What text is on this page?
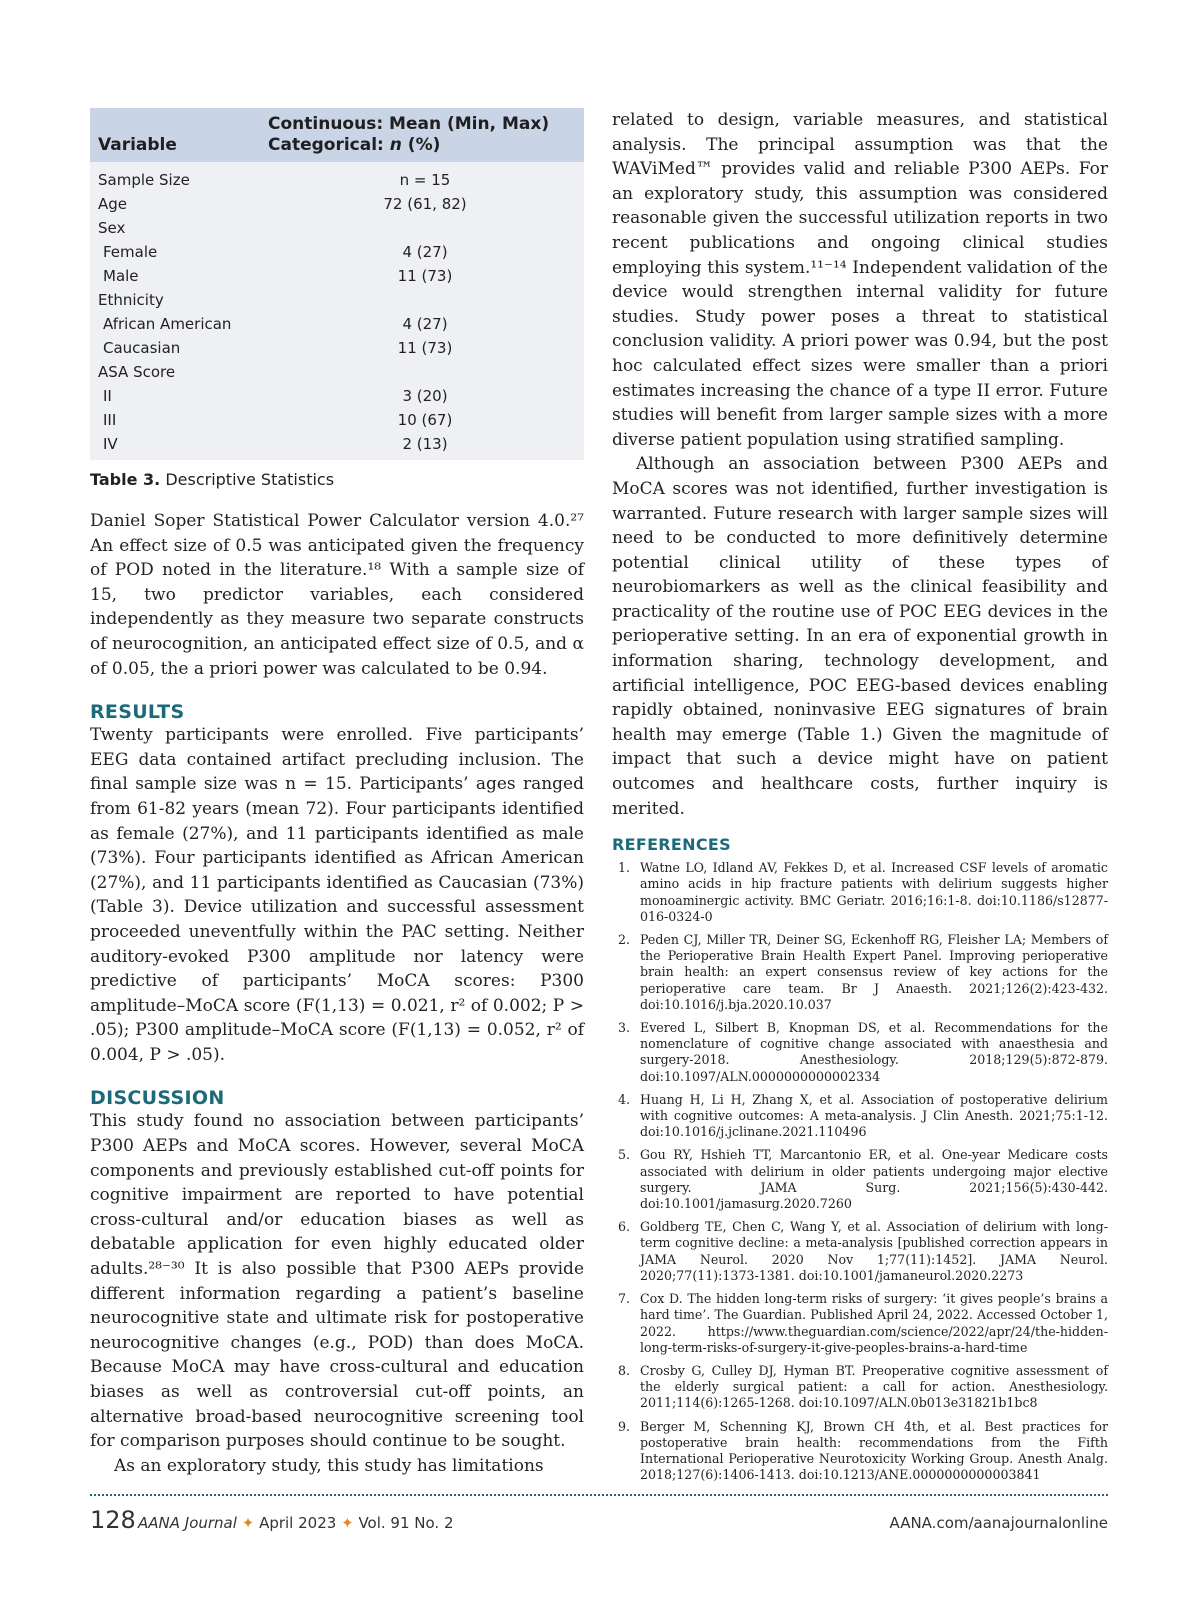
Variable	Continuous: Mean (Min, Max)
Categorical: n (%)
Sample Size	n = 15
Age	72 (61, 82)
Sex	
Female	4 (27)
Male	11 (73)
Ethnicity	
African American	4 (27)
Caucasian	11 (73)
ASA Score	
II	3 (20)
III	10 (67)
IV	2 (13)
Table 3. Descriptive Statistics

Daniel Soper Statistical Power Calculator version 4.0.²⁷ An effect size of 0.5 was anticipated given the frequency of POD noted in the literature.¹⁸ With a sample size of 15, two predictor variables, each considered independently as they measure two separate constructs of neurocognition, an anticipated effect size of 0.5, and α of 0.05, the a priori power was calculated to be 0.94.

RESULTS

Twenty participants were enrolled. Five participants’ EEG data contained artifact precluding inclusion. The final sample size was n = 15. Participants’ ages ranged from 61-82 years (mean 72). Four participants identified as female (27%), and 11 participants identified as male (73%). Four participants identified as African American (27%), and 11 participants identified as Caucasian (73%) (Table 3). Device utilization and successful assessment proceeded uneventfully within the PAC setting. Neither auditory-evoked P300 amplitude nor latency were predictive of participants’ MoCA scores: P300 amplitude–MoCA score (F(1,13) = 0.021, r² of 0.002; P > .05); P300 amplitude–MoCA score (F(1,13) = 0.052, r² of 0.004, P > .05).

DISCUSSION

This study found no association between participants’ P300 AEPs and MoCA scores. However, several MoCA components and previously established cut-off points for cognitive impairment are reported to have potential cross-cultural and/or education biases as well as debatable application for even highly educated older adults.²⁸⁻³⁰ It is also possible that P300 AEPs provide different information regarding a patient’s baseline neurocognitive state and ultimate risk for postoperative neurocognitive changes (e.g., POD) than does MoCA. Because MoCA may have cross-cultural and education biases as well as controversial cut-off points, an alternative broad-based neurocognitive screening tool for comparison purposes should continue to be sought.

As an exploratory study, this study has limitations

related to design, variable measures, and statistical analysis. The principal assumption was that the WAViMed™ provides valid and reliable P300 AEPs. For an exploratory study, this assumption was considered reasonable given the successful utilization reports in two recent publications and ongoing clinical studies employing this system.¹¹⁻¹⁴ Independent validation of the device would strengthen internal validity for future studies. Study power poses a threat to statistical conclusion validity. A priori power was 0.94, but the post hoc calculated effect sizes were smaller than a priori estimates increasing the chance of a type II error. Future studies will benefit from larger sample sizes with a more diverse patient population using stratified sampling.

Although an association between P300 AEPs and MoCA scores was not identified, further investigation is warranted. Future research with larger sample sizes will need to be conducted to more definitively determine potential clinical utility of these types of neurobiomarkers as well as the clinical feasibility and practicality of the routine use of POC EEG devices in the perioperative setting. In an era of exponential growth in information sharing, technology development, and artificial intelligence, POC EEG-based devices enabling rapidly obtained, noninvasive EEG signatures of brain health may emerge (Table 1.) Given the magnitude of impact that such a device might have on patient outcomes and healthcare costs, further inquiry is merited.

REFERENCES
1. Watne LO, Idland AV, Fekkes D, et al. Increased CSF levels of aromatic amino acids in hip fracture patients with delirium suggests higher monoaminergic activity. BMC Geriatr. 2016;16:1-8. doi:10.1186/s12877-016-0324-0
2. Peden CJ, Miller TR, Deiner SG, Eckenhoff RG, Fleisher LA; Members of the Perioperative Brain Health Expert Panel. Improving perioperative brain health: an expert consensus review of key actions for the perioperative care team. Br J Anaesth. 2021;126(2):423-432. doi:10.1016/j.bja.2020.10.037
3. Evered L, Silbert B, Knopman DS, et al. Recommendations for the nomenclature of cognitive change associated with anaesthesia and surgery-2018. Anesthesiology. 2018;129(5):872-879. doi:10.1097/ALN.0000000000002334
4. Huang H, Li H, Zhang X, et al. Association of postoperative delirium with cognitive outcomes: A meta-analysis. J Clin Anesth. 2021;75:1-12. doi:10.1016/j.jclinane.2021.110496
5. Gou RY, Hshieh TT, Marcantonio ER, et al. One-year Medicare costs associated with delirium in older patients undergoing major elective surgery. JAMA Surg. 2021;156(5):430-442. doi:10.1001/jamasurg.2020.7260
6. Goldberg TE, Chen C, Wang Y, et al. Association of delirium with long-term cognitive decline: a meta-analysis [published correction appears in JAMA Neurol. 2020 Nov 1;77(11):1452]. JAMA Neurol. 2020;77(11):1373-1381. doi:10.1001/jamaneurol.2020.2273
7. Cox D. The hidden long-term risks of surgery: ‘it gives people’s brains a hard time’. The Guardian. Published April 24, 2022. Accessed October 1, 2022. https://www.theguardian.com/science/2022/apr/24/the-hidden-long-term-risks-of-surgery-it-give-peoples-brains-a-hard-time
8. Crosby G, Culley DJ, Hyman BT. Preoperative cognitive assessment of the elderly surgical patient: a call for action. Anesthesiology. 2011;114(6):1265-1268. doi:10.1097/ALN.0b013e31821b1bc8
9. Berger M, Schenning KJ, Brown CH 4th, et al. Best practices for postoperative brain health: recommendations from the Fifth International Perioperative Neurotoxicity Working Group. Anesth Analg. 2018;127(6):1406-1413. doi:10.1213/ANE.0000000000003841
128 AANA Journal ✦ April 2023 ✦ Vol. 91 No. 2	AANA.com/aanajournalonline
